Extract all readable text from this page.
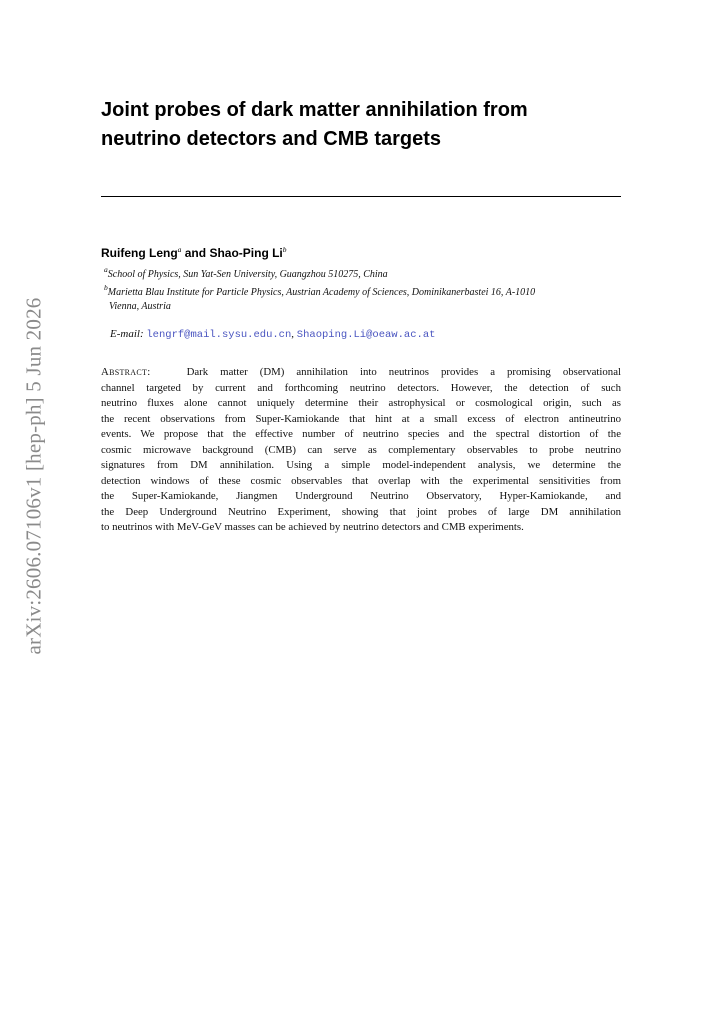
arXiv:2606.07106v1 [hep-ph] 5 Jun 2026
Joint probes of dark matter annihilation from
neutrino detectors and CMB targets
Ruifeng Leng$^a$ and Shao-Ping Li$^b$
$^a$School of Physics, Sun Yat-Sen University, Guangzhou 510275, China
$^b$Marietta Blau Institute for Particle Physics, Austrian Academy of Sciences, Dominikanerbastei 16, A-1010
Vienna, Austria
E-mail: lengrf@mail.sysu.edu.cn, Shaoping.Li@oeaw.ac.at
Abstract:	Dark matter (DM) annihilation into neutrinos provides a promising observational
channel targeted by current and forthcoming neutrino detectors. However, the detection of such
neutrino fluxes alone cannot uniquely determine their astrophysical or cosmological origin, such as
the recent observations from Super-Kamiokande that hint at a small excess of electron antineutrino
events. We propose that the effective number of neutrino species and the spectral distortion of the
cosmic microwave background (CMB) can serve as complementary observables to probe neutrino
signatures from DM annihilation. Using a simple model-independent analysis, we determine the
detection windows of these cosmic observables that overlap with the experimental sensitivities from
the Super-Kamiokande, Jiangmen Underground Neutrino Observatory, Hyper-Kamiokande, and
the Deep Underground Neutrino Experiment, showing that joint probes of large DM annihilation
to neutrinos with MeV-GeV masses can be achieved by neutrino detectors and CMB experiments.
